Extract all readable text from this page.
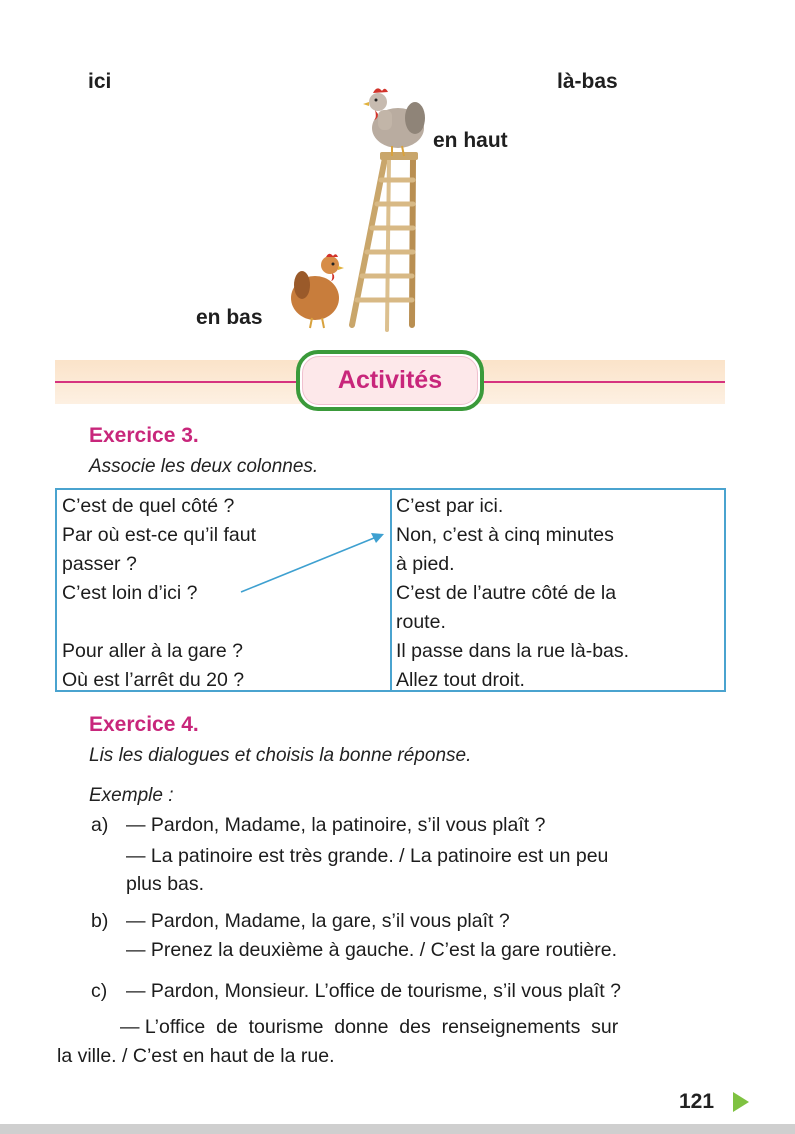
ici	là-bas
en haut
en bas
Activités
Exercice 3.
Associe les deux colonnes.
C’est de quel côté ?
Par où est-ce qu’il faut
passer ?
C’est loin d’ici ?
Pour aller à la gare ?
Où est l’arrêt du 20 ?
C’est par ici.
Non, c’est à cinq minutes
à pied.
C’est de l’autre côté de la
route.
Il passe dans la rue là-bas.
Allez tout droit.
Exercice 4.
Lis les dialogues et choisis la bonne réponse.
Exemple :
a) — Pardon, Madame, la patinoire, s’il vous plaît ?
— La patinoire est très grande. / La patinoire est un peu
plus bas.
b) — Pardon, Madame, la gare, s’il vous plaît ?
— Prenez la deuxième à gauche. / C’est la gare routière.
c) — Pardon, Monsieur. L’office de tourisme, s’il vous plaît ?
— L’office  de  tourisme  donne  des  renseignements  sur
la ville. / C’est en haut de la rue.
121
